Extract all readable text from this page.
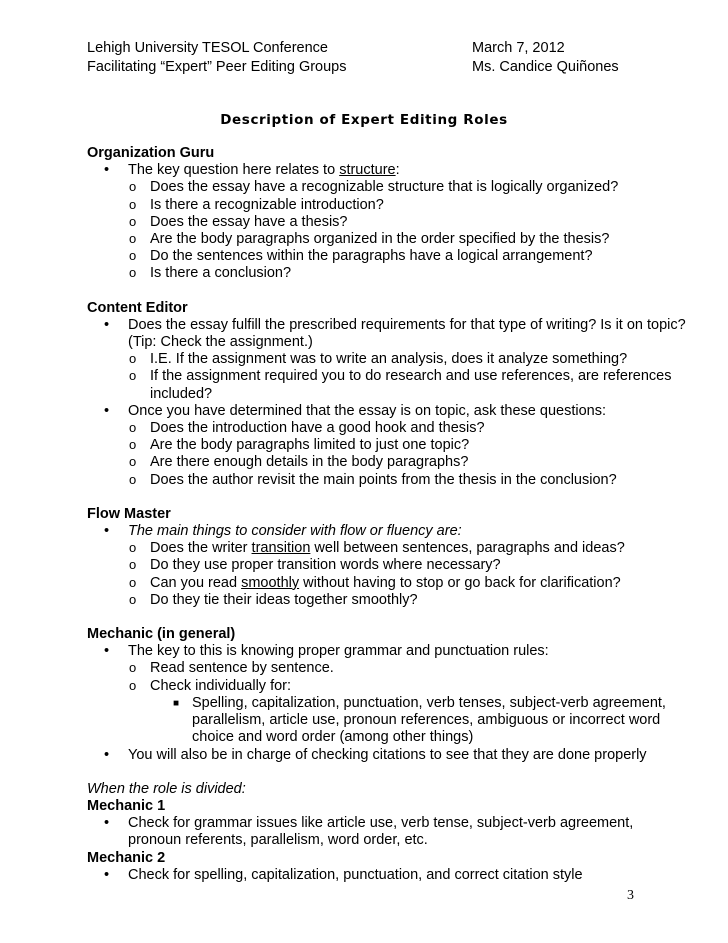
Lehigh University TESOL Conference	March 7, 2012
Facilitating “Expert” Peer Editing Groups	Ms. Candice Quiñones
Description of Expert Editing Roles
Organization Guru
• The key question here relates to structure:
o Does the essay have a recognizable structure that is logically organized?
o Is there a recognizable introduction?
o Does the essay have a thesis?
o Are the body paragraphs organized in the order specified by the thesis?
o Do the sentences within the paragraphs have a logical arrangement?
o Is there a conclusion?
Content Editor
• Does the essay fulfill the prescribed requirements for that type of writing? Is it on topic? (Tip: Check the assignment.)
o I.E. If the assignment was to write an analysis, does it analyze something?
o If the assignment required you to do research and use references, are references included?
• Once you have determined that the essay is on topic, ask these questions:
o Does the introduction have a good hook and thesis?
o Are the body paragraphs limited to just one topic?
o Are there enough details in the body paragraphs?
o Does the author revisit the main points from the thesis in the conclusion?
Flow Master
• The main things to consider with flow or fluency are:
o Does the writer transition well between sentences, paragraphs and ideas?
o Do they use proper transition words where necessary?
o Can you read smoothly without having to stop or go back for clarification?
o Do they tie their ideas together smoothly?
Mechanic (in general)
• The key to this is knowing proper grammar and punctuation rules:
o Read sentence by sentence.
o Check individually for:
■ Spelling, capitalization, punctuation, verb tenses, subject-verb agreement, parallelism, article use, pronoun references, ambiguous or incorrect word choice and word order (among other things)
• You will also be in charge of checking citations to see that they are done properly
When the role is divided:
Mechanic 1
• Check for grammar issues like article use, verb tense, subject-verb agreement, pronoun referents, parallelism, word order, etc.
Mechanic 2
• Check for spelling, capitalization, punctuation, and correct citation style
3
